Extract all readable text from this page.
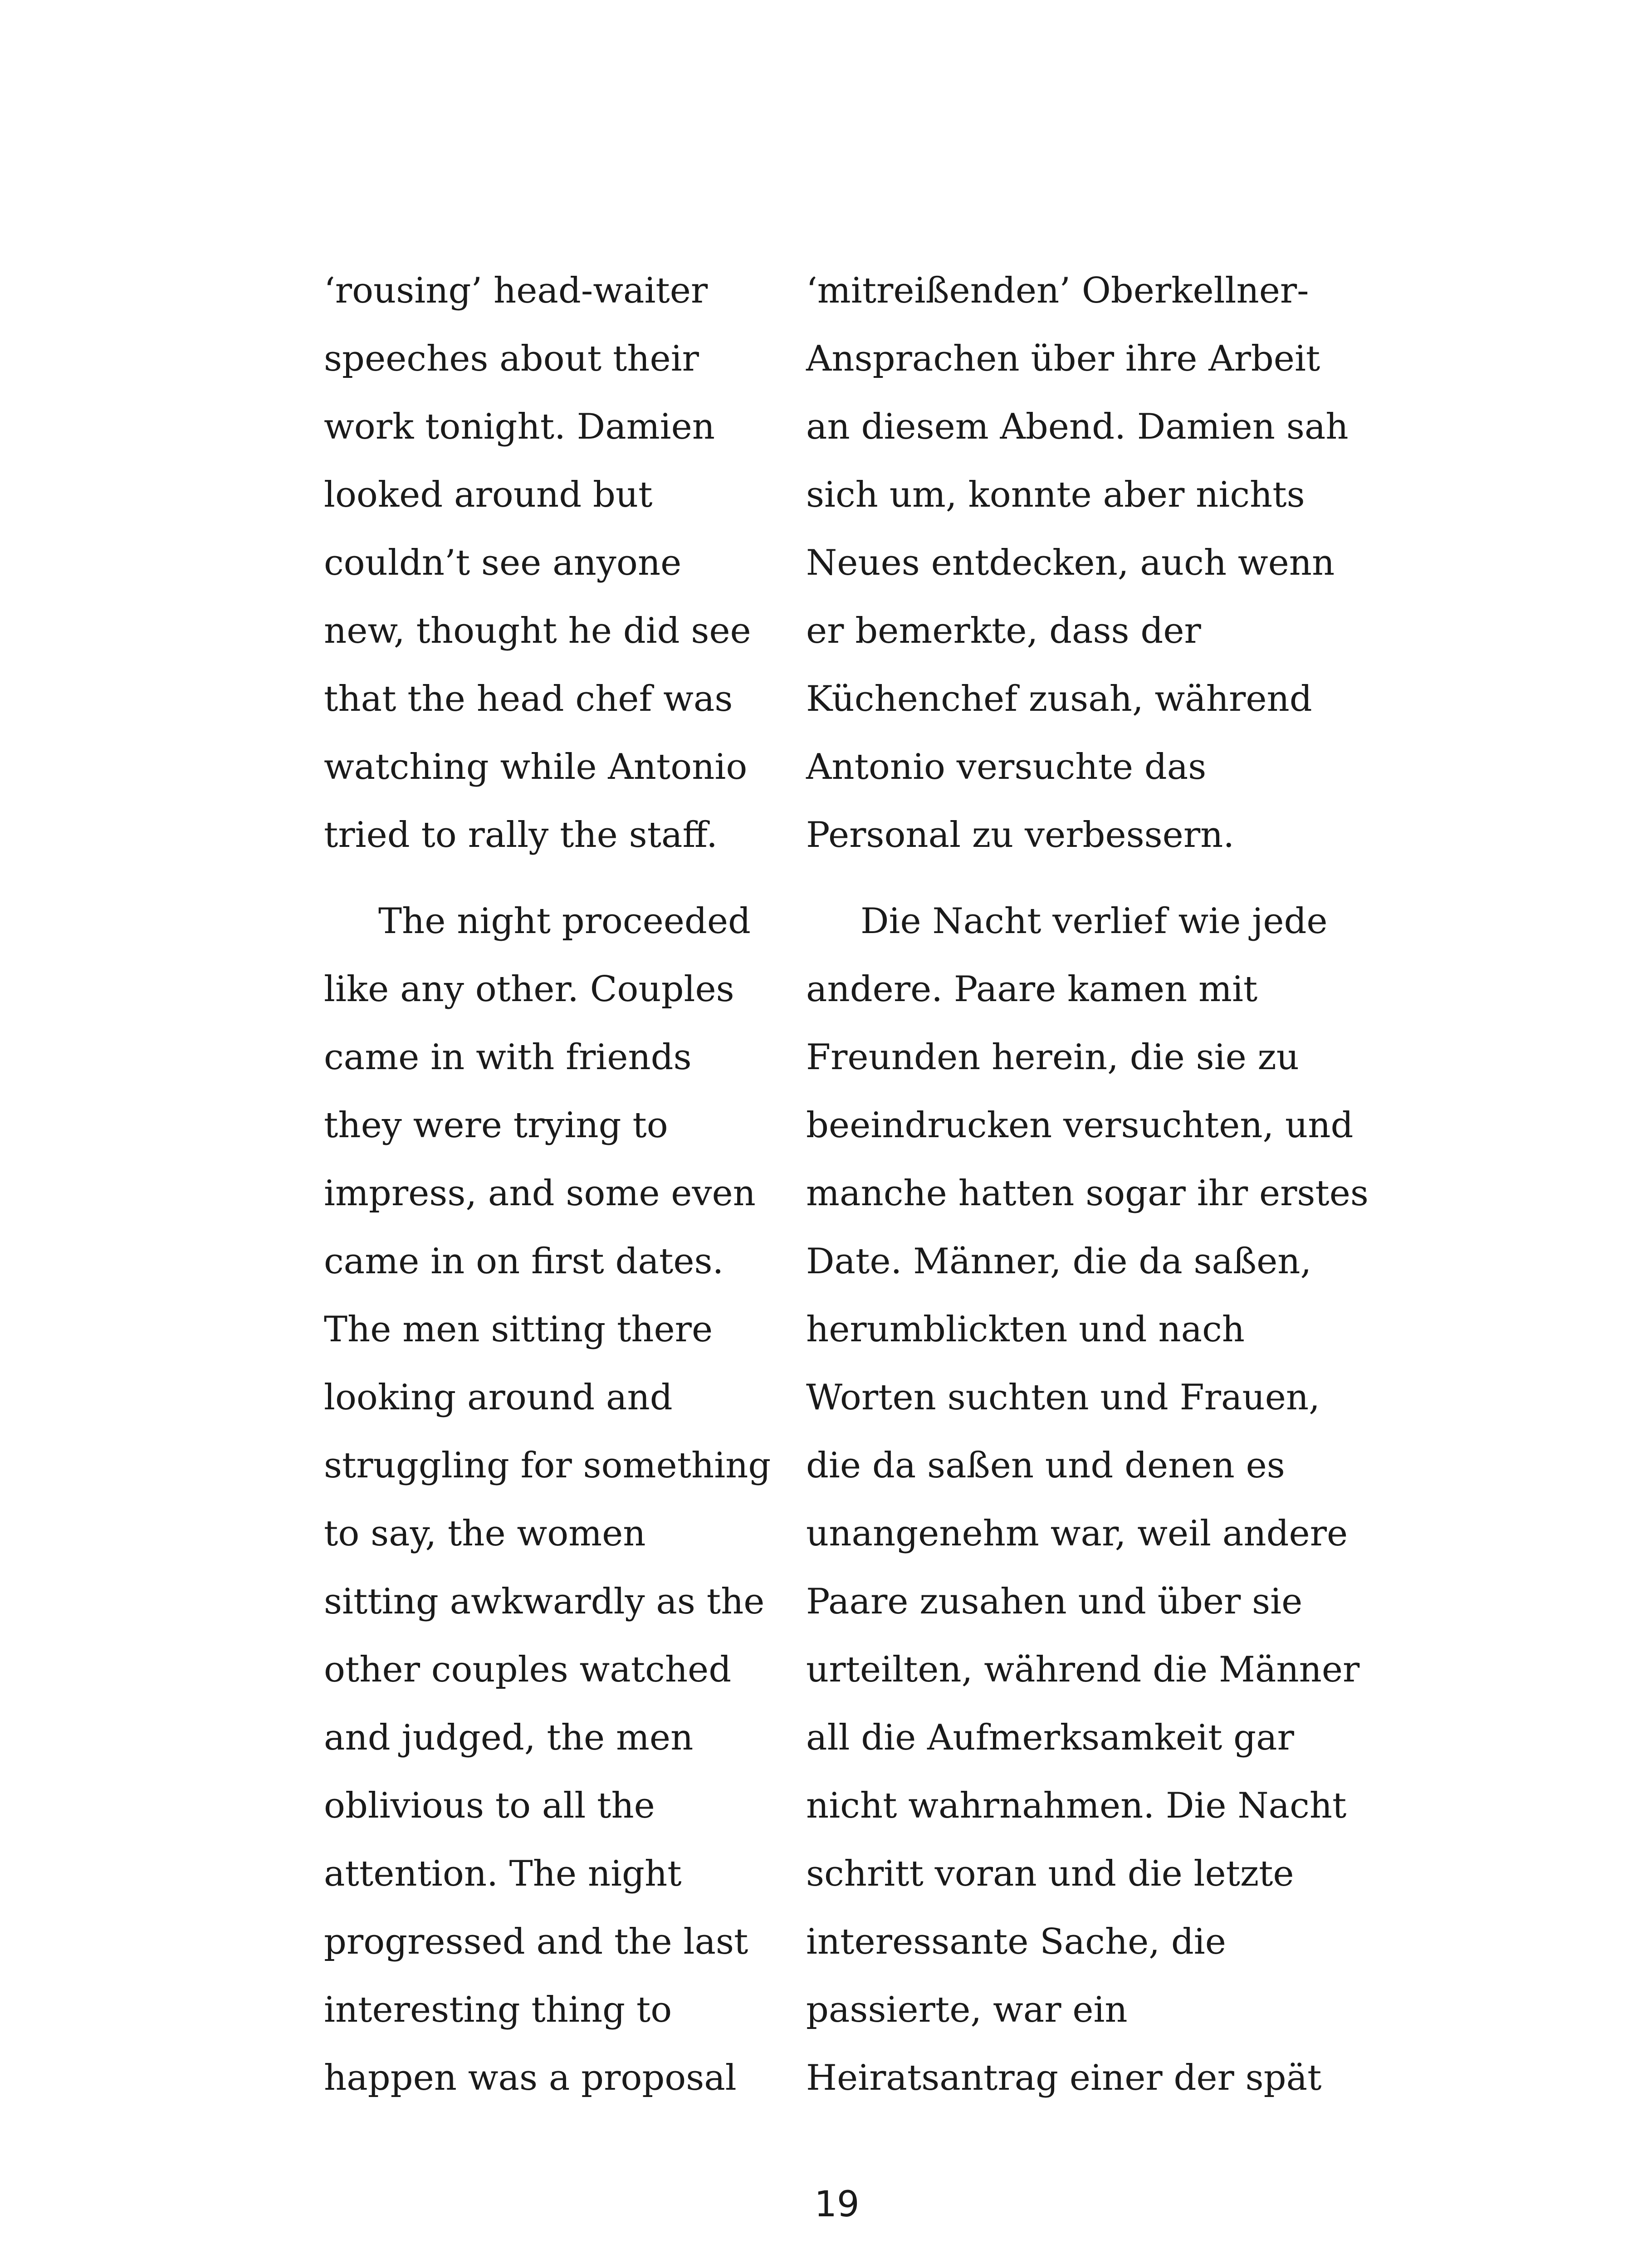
‘rousing’ head-waiter
speeches about their
work tonight. Damien
looked around but
couldn’t see anyone
new, thought he did see
that the head chef was
watching while Antonio
tried to rally the staff.

The night proceeded
like any other. Couples
came in with friends
they were trying to
impress, and some even
came in on first dates.
The men sitting there
looking around and
struggling for something
to say, the women
sitting awkwardly as the
other couples watched
and judged, the men
oblivious to all the
attention. The night
progressed and the last
interesting thing to
happen was a proposal

‘mitreißenden’ Oberkellner-
Ansprachen über ihre Arbeit
an diesem Abend. Damien sah
sich um, konnte aber nichts
Neues entdecken, auch wenn
er bemerkte, dass der
Küchenchef zusah, während
Antonio versuchte das
Personal zu verbessern.

Die Nacht verlief wie jede
andere. Paare kamen mit
Freunden herein, die sie zu
beeindrucken versuchten, und
manche hatten sogar ihr erstes
Date. Männer, die da saßen,
herumblickten und nach
Worten suchten und Frauen,
die da saßen und denen es
unangenehm war, weil andere
Paare zusahen und über sie
urteilten, während die Männer
all die Aufmerksamkeit gar
nicht wahrnahmen. Die Nacht
schritt voran und die letzte
interessante Sache, die
passierte, war ein
Heiratsantrag einer der spät

19
